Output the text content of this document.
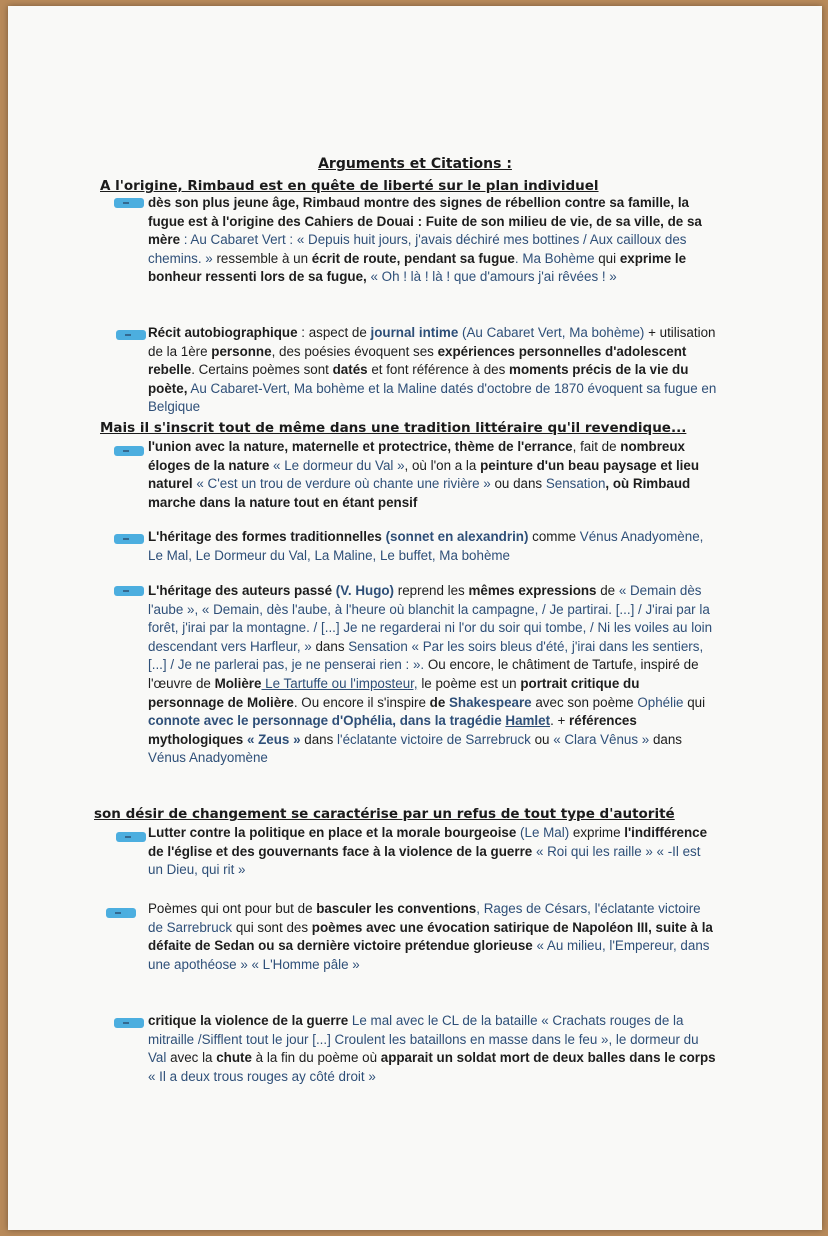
Arguments et Citations :
A l'origine, Rimbaud est en quête de liberté sur le plan individuel
dès son plus jeune âge, Rimbaud montre des signes de rébellion contre sa famille, la fugue est à l'origine des Cahiers de Douai : Fuite de son milieu de vie, de sa ville, de sa mère : Au Cabaret Vert : « Depuis huit jours, j'avais déchiré mes bottines / Aux cailloux des chemins. » ressemble à un écrit de route, pendant sa fugue. Ma Bohème qui exprime le bonheur ressenti lors de sa fugue, « Oh ! là ! là ! que d'amours j'ai rêvées ! »
Récit autobiographique : aspect de journal intime (Au Cabaret Vert, Ma bohème) + utilisation de la 1ère personne, des poésies évoquent ses expériences personnelles d'adolescent rebelle. Certains poèmes sont datés et font référence à des moments précis de la vie du poète, Au Cabaret-Vert, Ma bohème et la Maline datés d'octobre de 1870 évoquent sa fugue en Belgique
Mais il s'inscrit tout de même dans une tradition littéraire qu'il revendique...
l'union avec la nature, maternelle et protectrice, thème de l'errance, fait de nombreux éloges de la nature « Le dormeur du Val », où l'on a la peinture d'un beau paysage et lieu naturel « C'est un trou de verdure où chante une rivière » ou dans Sensation, où Rimbaud marche dans la nature tout en étant pensif
L'héritage des formes traditionnelles (sonnet en alexandrin) comme Vénus Anadyomène, Le Mal, Le Dormeur du Val, La Maline, Le buffet, Ma bohème
L'héritage des auteurs passé (V. Hugo) reprend les mêmes expressions de « Demain dès l'aube », « Demain, dès l'aube, à l'heure où blanchit la campagne, / Je partirai. [...] / J'irai par la forêt, j'irai par la montagne. / [...] Je ne regarderai ni l'or du soir qui tombe, / Ni les voiles au loin descendant vers Harfleur, » dans Sensation « Par les soirs bleus d'été, j'irai dans les sentiers, [...] / Je ne parlerai pas, je ne penserai rien : ». Ou encore, le châtiment de Tartufe, inspiré de l'œuvre de Molière Le Tartuffe ou l'imposteur, le poème est un portrait critique du personnage de Molière. Ou encore il s'inspire de Shakespeare avec son poème Ophélie qui connote avec le personnage d'Ophélia, dans la tragédie Hamlet. + références mythologiques « Zeus » dans l'éclatante victoire de Sarrebruck ou « Clara Vênus » dans Vénus Anadyomène
son désir de changement se caractérise par un refus de tout type d'autorité
Lutter contre la politique en place et la morale bourgeoise (Le Mal) exprime l'indifférence de l'église et des gouvernants face à la violence de la guerre « Roi qui les raille » « -Il est un Dieu, qui rit »
Poèmes qui ont pour but de basculer les conventions, Rages de Césars, l'éclatante victoire de Sarrebruck qui sont des poèmes avec une évocation satirique de Napoléon III, suite à la défaite de Sedan ou sa dernière victoire prétendue glorieuse « Au milieu, l'Empereur, dans une apothéose » « L'Homme pâle »
critique la violence de la guerre Le mal avec le CL de la bataille « Crachats rouges de la mitraille /Sifflent tout le jour [...] Croulent les bataillons en masse dans le feu », le dormeur du Val avec la chute à la fin du poème où apparait un soldat mort de deux balles dans le corps « Il a deux trous rouges ay côté droit »
